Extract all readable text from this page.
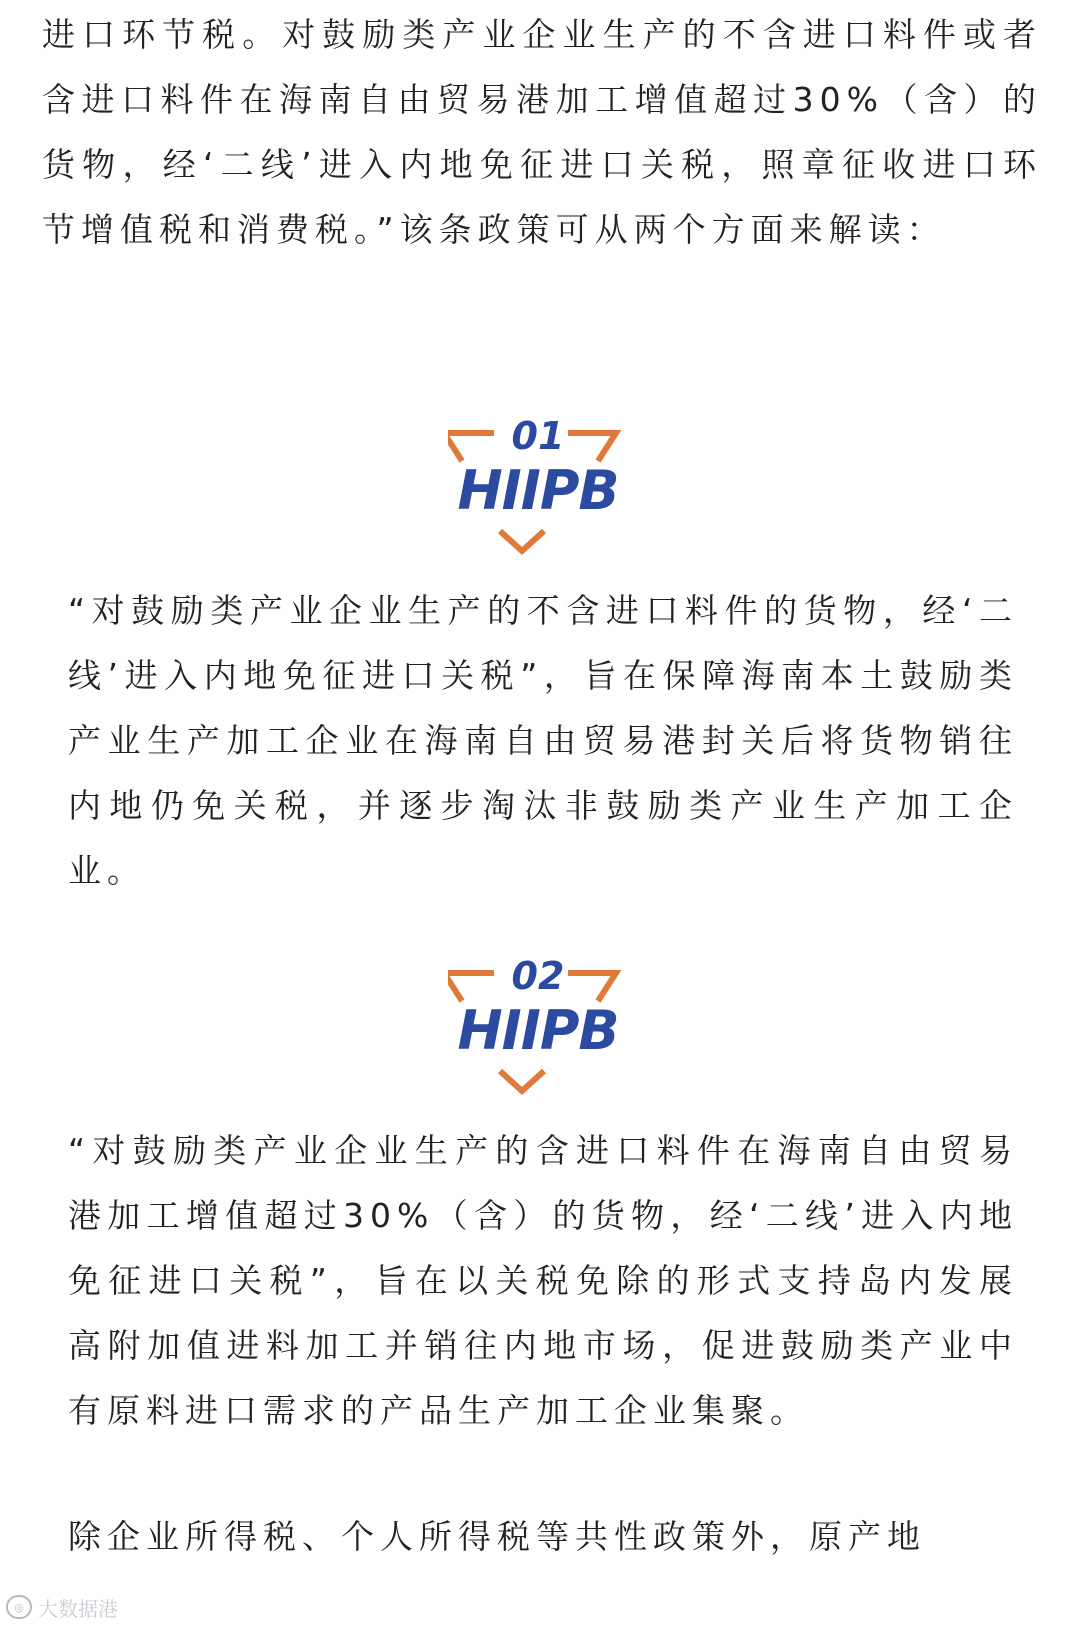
进口环节税。对鼓励类产业企业生产的不含进口料件或者含进口料件在海南自由贸易港加工增值超过30%（含）的货物，经‘二线’进入内地免征进口关税，照章征收进口环节增值税和消费税。”该条政策可从两个方面来解读：

01
HIIPB

“对鼓励类产业企业生产的不含进口料件的货物，经‘二线’进入内地免征进口关税”，旨在保障海南本土鼓励类产业生产加工企业在海南自由贸易港封关后将货物销往内地仍免关税，并逐步淘汰非鼓励类产业生产加工企业。

02
HIIPB

“对鼓励类产业企业生产的含进口料件在海南自由贸易港加工增值超过30%（含）的货物，经‘二线’进入内地免征进口关税”，旨在以关税免除的形式支持岛内发展高附加值进料加工并销往内地市场，促进鼓励类产业中有原料进口需求的产品生产加工企业集聚。

除企业所得税、个人所得税等共性政策外，原产地

◎ 大数据港
